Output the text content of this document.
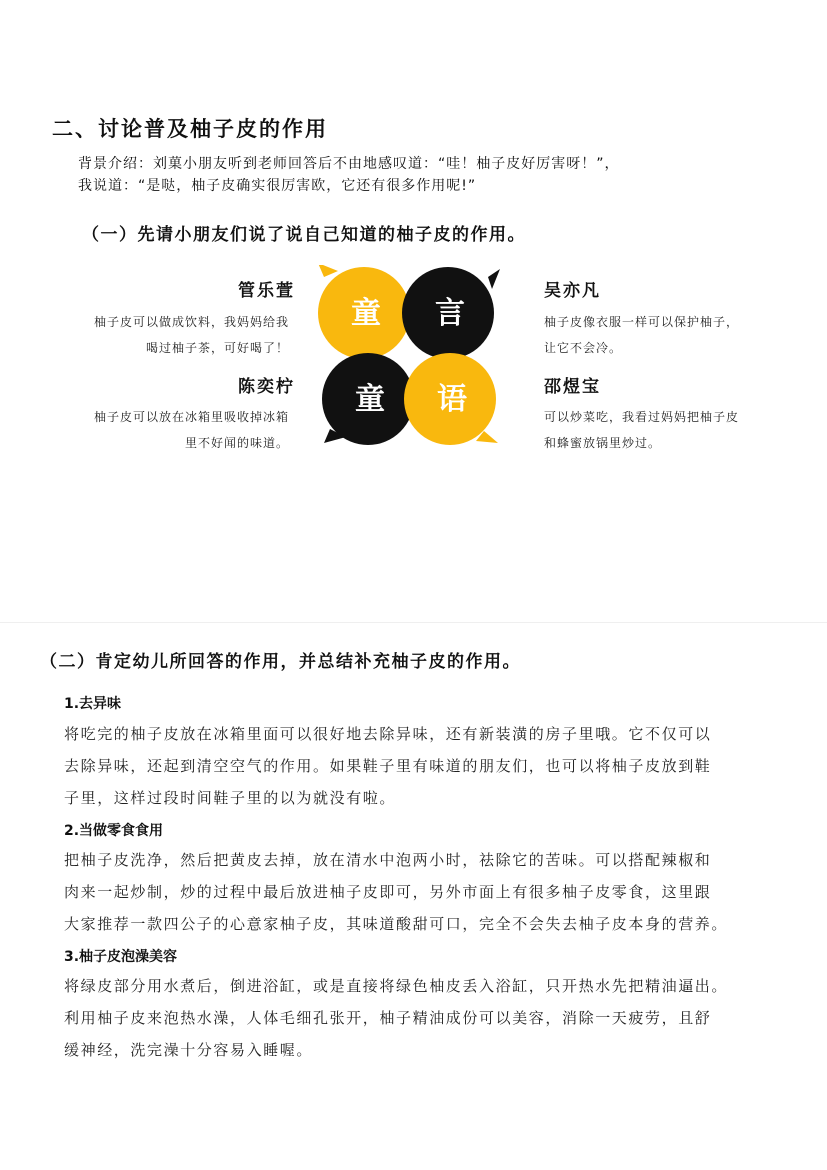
二、讨论普及柚子皮的作用
背景介绍：刘菓小朋友听到老师回答后不由地感叹道：“哇！柚子皮好厉害呀！”，
我说道：“是哒，柚子皮确实很厉害欧，它还有很多作用呢!”
（一）先请小朋友们说了说自己知道的柚子皮的作用。
管乐萱
柚子皮可以做成饮料，我妈妈给我
喝过柚子茶，可好喝了！
陈奕柠
柚子皮可以放在冰箱里吸收掉冰箱
里不好闻的味道。
吴亦凡
柚子皮像衣服一样可以保护柚子，
让它不会冷。
邵煜宝
可以炒菜吃，我看过妈妈把柚子皮
和蜂蜜放锅里炒过。
童 言
童 语
（二）肯定幼儿所回答的作用，并总结补充柚子皮的作用。
1.去异味
将吃完的柚子皮放在冰箱里面可以很好地去除异味，还有新装潢的房子里哦。它不仅可以
去除异味，还起到清空空气的作用。如果鞋子里有味道的朋友们，也可以将柚子皮放到鞋
子里，这样过段时间鞋子里的以为就没有啦。
2.当做零食食用
把柚子皮洗净，然后把黄皮去掉，放在清水中泡两小时，祛除它的苦味。可以搭配辣椒和
肉来一起炒制，炒的过程中最后放进柚子皮即可，另外市面上有很多柚子皮零食，这里跟
大家推荐一款四公子的心意家柚子皮，其味道酸甜可口，完全不会失去柚子皮本身的营养。
3.柚子皮泡澡美容
将绿皮部分用水煮后，倒进浴缸，或是直接将绿色柚皮丢入浴缸，只开热水先把精油逼出。
利用柚子皮来泡热水澡，人体毛细孔张开，柚子精油成份可以美容，消除一天疲劳，且舒
缓神经，洗完澡十分容易入睡喔。
